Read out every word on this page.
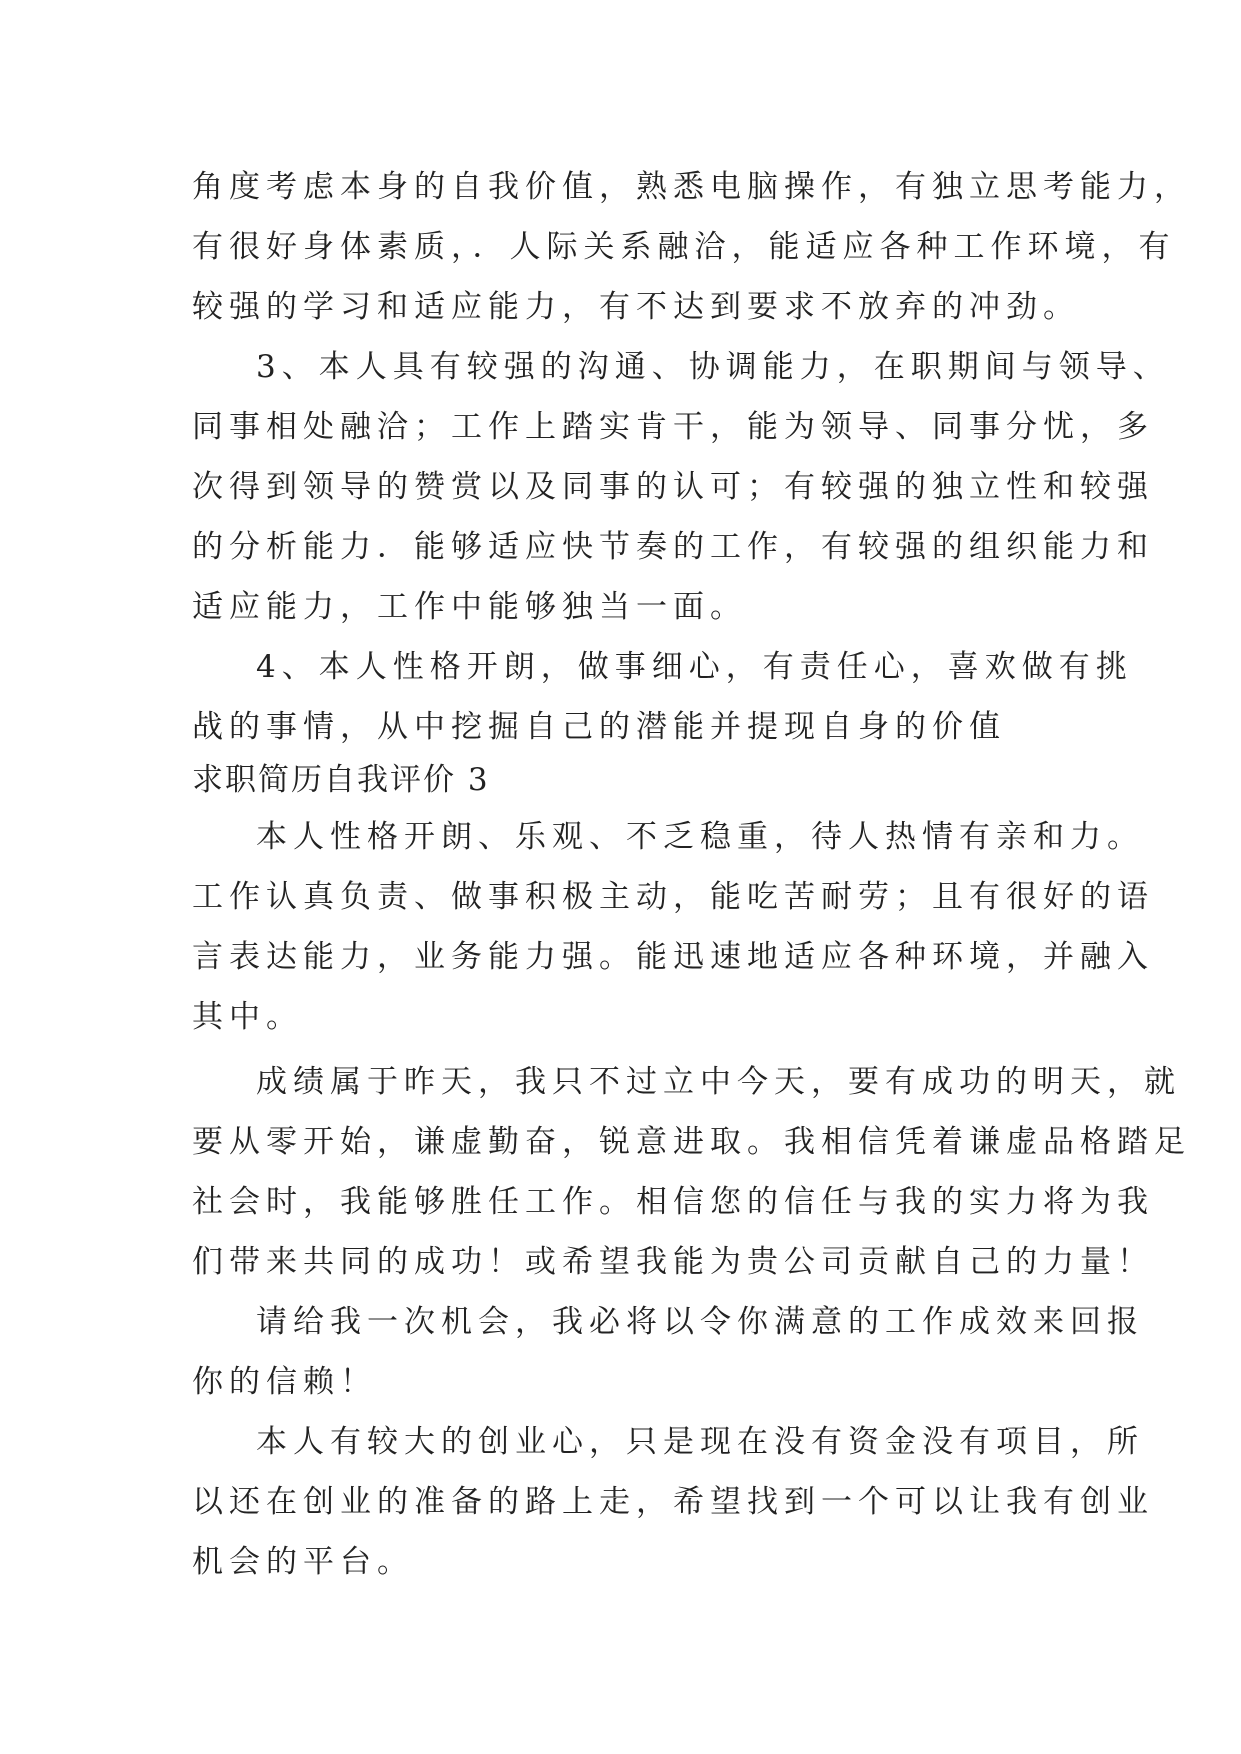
角度考虑本身的自我价值，熟悉电脑操作，有独立思考能力，
有很好身体素质，．人际关系融洽，能适应各种工作环境，有
较强的学习和适应能力，有不达到要求不放弃的冲劲。
3、本人具有较强的沟通、协调能力，在职期间与领导、
同事相处融洽；工作上踏实肯干，能为领导、同事分忧，多
次得到领导的赞赏以及同事的认可；有较强的独立性和较强
的分析能力．能够适应快节奏的工作，有较强的组织能力和
适应能力，工作中能够独当一面。
4、本人性格开朗，做事细心，有责任心，喜欢做有挑
战的事情，从中挖掘自己的潜能并提现自身的价值
求职简历自我评价 3
本人性格开朗、乐观、不乏稳重，待人热情有亲和力。
工作认真负责、做事积极主动，能吃苦耐劳；且有很好的语
言表达能力，业务能力强。能迅速地适应各种环境，并融入
其中。
成绩属于昨天，我只不过立中今天，要有成功的明天，就
要从零开始，谦虚勤奋，锐意进取。我相信凭着谦虚品格踏足
社会时，我能够胜任工作。相信您的信任与我的实力将为我
们带来共同的成功！或希望我能为贵公司贡献自己的力量！
请给我一次机会，我必将以令你满意的工作成效来回报
你的信赖！
本人有较大的创业心，只是现在没有资金没有项目，所
以还在创业的准备的路上走，希望找到一个可以让我有创业
机会的平台。
